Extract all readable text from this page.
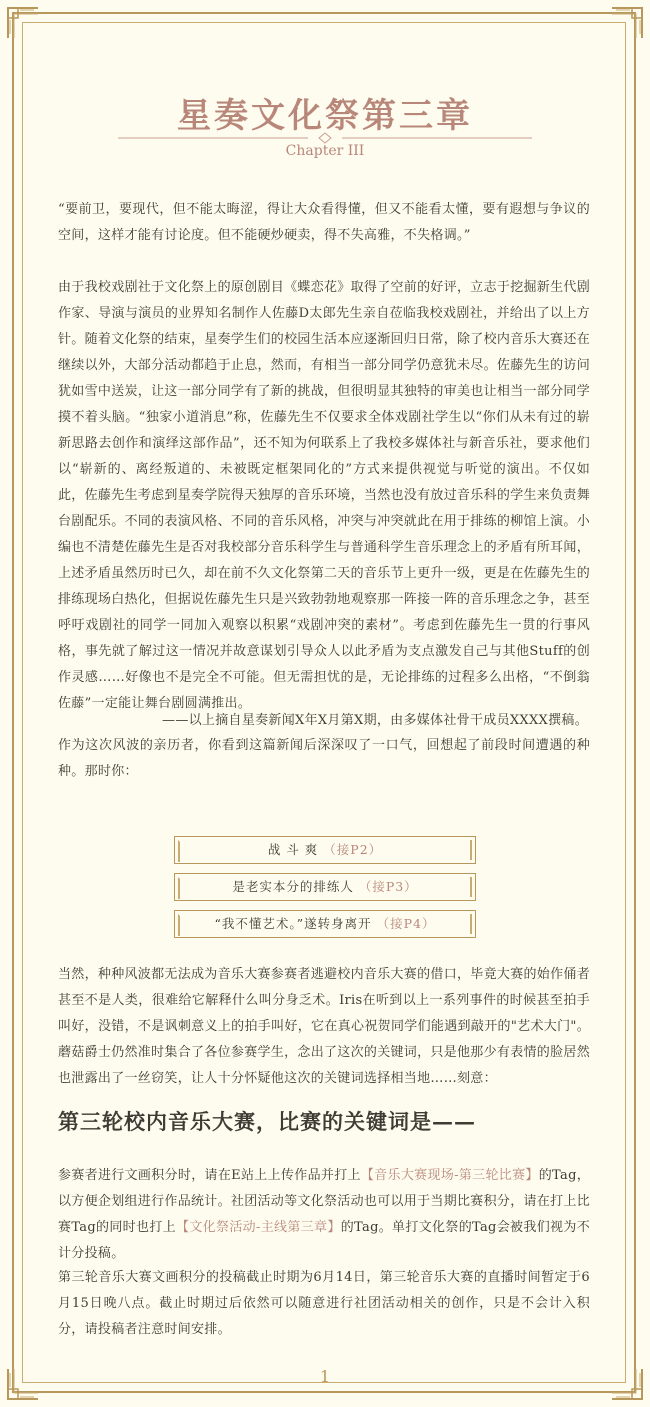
星奏文化祭第三章
Chapter III

“要前卫，要现代，但不能太晦涩，得让大众看得懂，但又不能看太懂，要有遐想与争议的空间，这样才能有讨论度。但不能硬炒硬卖，得不失高雅，不失格调。”

由于我校戏剧社于文化祭上的原创剧目《蝶恋花》取得了空前的好评，立志于挖掘新生代剧作家、导演与演员的业界知名制作人佐藤D太郎先生亲自莅临我校戏剧社，并给出了以上方针。随着文化祭的结束，星奏学生们的校园生活本应逐渐回归日常，除了校内音乐大赛还在继续以外，大部分活动都趋于止息，然而，有相当一部分同学仍意犹未尽。佐藤先生的访问犹如雪中送炭，让这一部分同学有了新的挑战，但很明显其独特的审美也让相当一部分同学摸不着头脑。“独家小道消息”称，佐藤先生不仅要求全体戏剧社学生以“你们从未有过的崭新思路去创作和演绎这部作品”，还不知为何联系上了我校多媒体社与新音乐社，要求他们以“崭新的、离经叛道的、未被既定框架同化的”方式来提供视觉与听觉的演出。不仅如此，佐藤先生考虑到星奏学院得天独厚的音乐环境，当然也没有放过音乐科的学生来负责舞台剧配乐。不同的表演风格、不同的音乐风格，冲突与冲突就此在用于排练的柳馆上演。小编也不清楚佐藤先生是否对我校部分音乐科学生与普通科学生音乐理念上的矛盾有所耳闻，上述矛盾虽然历时已久，却在前不久文化祭第二天的音乐节上更升一级，更是在佐藤先生的排练现场白热化，但据说佐藤先生只是兴致勃勃地观察那一阵接一阵的音乐理念之争，甚至呼吁戏剧社的同学一同加入观察以积累“戏剧冲突的素材”。考虑到佐藤先生一贯的行事风格，事先就了解过这一情况并故意谋划引导众人以此矛盾为支点激发自己与其他Stuff的创作灵感……好像也不是完全不可能。但无需担忧的是，无论排练的过程多么出格，“不倒翁佐藤”一定能让舞台剧圆满推出。

——以上摘自星奏新闻X年X月第X期，由多媒体社骨干成员XXXX撰稿。

作为这次风波的亲历者，你看到这篇新闻后深深叹了一口气，回想起了前段时间遭遇的种种。那时你：

战 斗 爽 （接P2）
是老实本分的排练人 （接P3）
“我不懂艺术。”遂转身离开 （接P4）

当然，种种风波都无法成为音乐大赛参赛者逃避校内音乐大赛的借口，毕竟大赛的始作俑者甚至不是人类，很难给它解释什么叫分身乏术。Iris在听到以上一系列事件的时候甚至拍手叫好，没错，不是讽刺意义上的拍手叫好，它在真心祝贺同学们能遇到敲开的"艺术大门"。蘑菇爵士仍然准时集合了各位参赛学生，念出了这次的关键词，只是他那少有表情的脸居然也泄露出了一丝窃笑，让人十分怀疑他这次的关键词选择相当地……刻意：

第三轮校内音乐大赛，比赛的关键词是——

参赛者进行文画积分时，请在E站上上传作品并打上【音乐大赛现场-第三轮比赛】的Tag，以方便企划组进行作品统计。社团活动等文化祭活动也可以用于当期比赛积分，请在打上比赛Tag的同时也打上【文化祭活动-主线第三章】的Tag。单打文化祭的Tag会被我们视为不计分投稿。

第三轮音乐大赛文画积分的投稿截止时期为6月14日，第三轮音乐大赛的直播时间暂定于6月15日晚八点。截止时期过后依然可以随意进行社团活动相关的创作，只是不会计入积分，请投稿者注意时间安排。

1
